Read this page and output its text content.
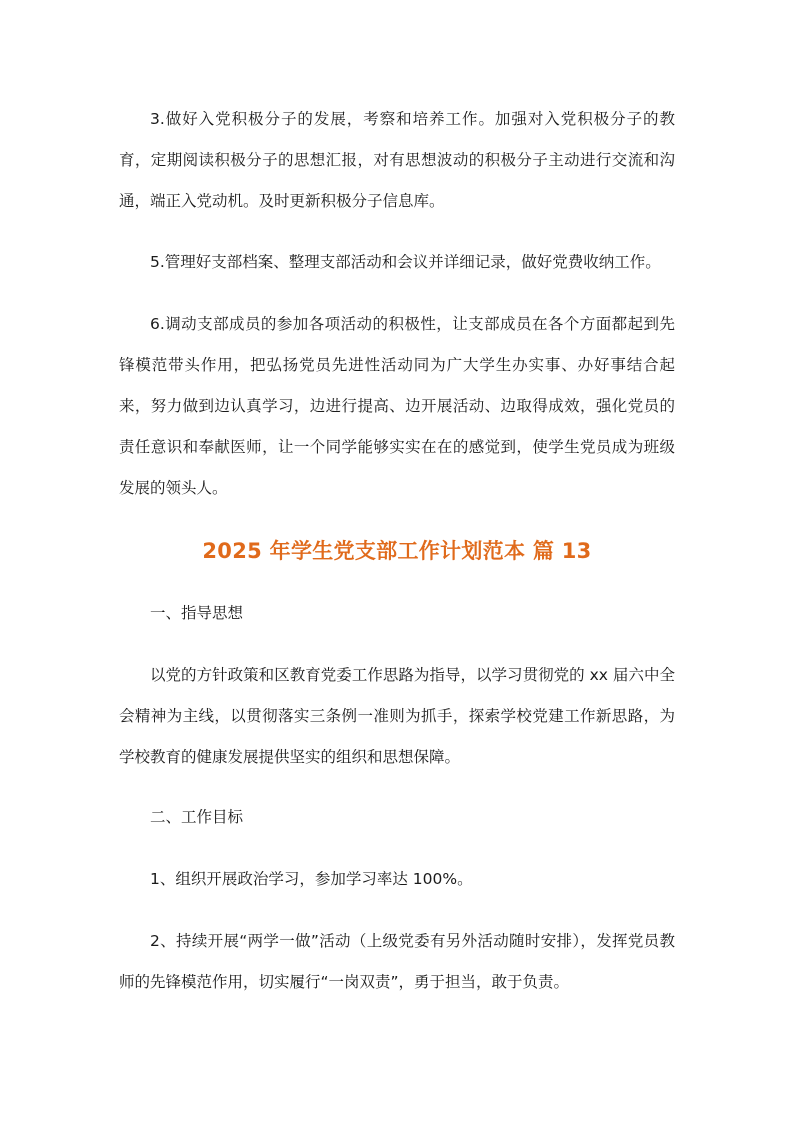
3.做好入党积极分子的发展，考察和培养工作。加强对入党积极分子的教育，定期阅读积极分子的思想汇报，对有思想波动的积极分子主动进行交流和沟通，端正入党动机。及时更新积极分子信息库。

5.管理好支部档案、整理支部活动和会议并详细记录，做好党费收纳工作。

6.调动支部成员的参加各项活动的积极性，让支部成员在各个方面都起到先锋模范带头作用，把弘扬党员先进性活动同为广大学生办实事、办好事结合起来，努力做到边认真学习，边进行提高、边开展活动、边取得成效，强化党员的责任意识和奉献医师，让一个同学能够实实在在的感觉到，使学生党员成为班级发展的领头人。

2025 年学生党支部工作计划范本 篇 13

一、指导思想

以党的方针政策和区教育党委工作思路为指导，以学习贯彻党的 xx 届六中全会精神为主线，以贯彻落实三条例一准则为抓手，探索学校党建工作新思路，为学校教育的健康发展提供坚实的组织和思想保障。

二、工作目标

1、组织开展政治学习，参加学习率达 100%。

2、持续开展“两学一做”活动（上级党委有另外活动随时安排），发挥党员教师的先锋模范作用，切实履行“一岗双责”，勇于担当，敢于负责。
